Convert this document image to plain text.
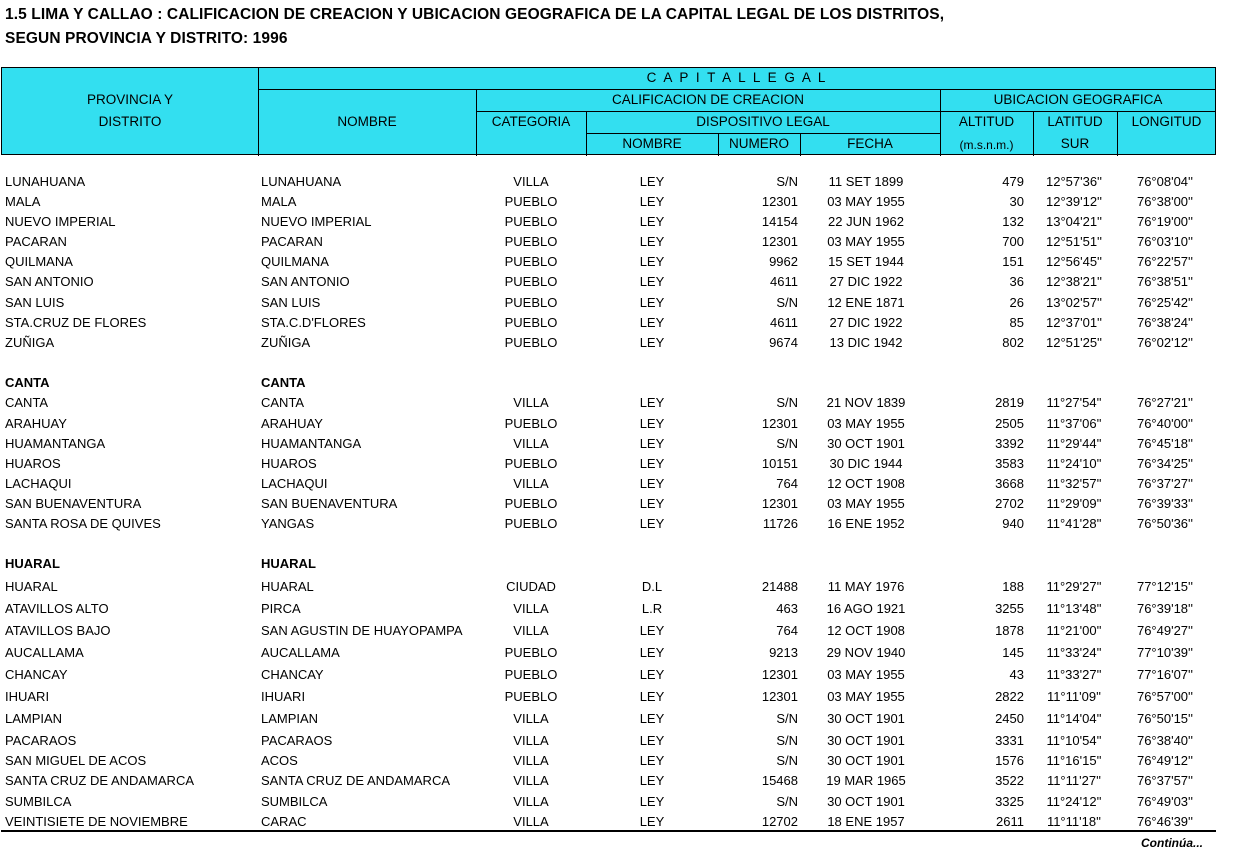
1.5 LIMA Y CALLAO : CALIFICACION DE CREACION Y UBICACION GEOGRAFICA DE LA CAPITAL LEGAL DE LOS DISTRITOS,
SEGUN PROVINCIA Y DISTRITO: 1996
PROVINCIA Y
DISTRITO
C A P I T A L L E G A L
NOMBRE
CALIFICACION DE CREACION	UBICACION GEOGRAFICA
CATEGORIA	DISPOSITIVO LEGAL	ALTITUD	LATITUD	LONGITUD
NOMBRE	NUMERO	FECHA	(m.s.n.m.)	SUR
LUNAHUANA	LUNAHUANA	VILLA	LEY	S/N	11 SET 1899	479	12°57'36''	76°08'04''
MALA	MALA	PUEBLO	LEY	12301	03 MAY 1955	30	12°39'12''	76°38'00''
NUEVO IMPERIAL	NUEVO IMPERIAL	PUEBLO	LEY	14154	22 JUN 1962	132	13°04'21''	76°19'00''
PACARAN	PACARAN	PUEBLO	LEY	12301	03 MAY 1955	700	12°51'51''	76°03'10''
QUILMANA	QUILMANA	PUEBLO	LEY	9962	15 SET 1944	151	12°56'45''	76°22'57''
SAN ANTONIO	SAN ANTONIO	PUEBLO	LEY	4611	27 DIC 1922	36	12°38'21''	76°38'51''
SAN LUIS	SAN LUIS	PUEBLO	LEY	S/N	12 ENE 1871	26	13°02'57''	76°25'42''
STA.CRUZ DE FLORES	STA.C.D'FLORES	PUEBLO	LEY	4611	27 DIC 1922	85	12°37'01''	76°38'24''
ZUÑIGA	ZUÑIGA	PUEBLO	LEY	9674	13 DIC 1942	802	12°51'25''	76°02'12''
CANTA	CANTA
CANTA	CANTA	VILLA	LEY	S/N	21 NOV 1839	2819	11°27'54''	76°27'21''
ARAHUAY	ARAHUAY	PUEBLO	LEY	12301	03 MAY 1955	2505	11°37'06''	76°40'00''
HUAMANTANGA	HUAMANTANGA	VILLA	LEY	S/N	30 OCT 1901	3392	11°29'44''	76°45'18''
HUAROS	HUAROS	PUEBLO	LEY	10151	30 DIC 1944	3583	11°24'10''	76°34'25''
LACHAQUI	LACHAQUI	VILLA	LEY	764	12 OCT 1908	3668	11°32'57''	76°37'27''
SAN BUENAVENTURA	SAN BUENAVENTURA	PUEBLO	LEY	12301	03 MAY 1955	2702	11°29'09''	76°39'33''
SANTA ROSA DE QUIVES	YANGAS	PUEBLO	LEY	11726	16 ENE 1952	940	11°41'28''	76°50'36''
HUARAL	HUARAL
HUARAL	HUARAL	CIUDAD	D.L	21488	11 MAY 1976	188	11°29'27''	77°12'15''
ATAVILLOS ALTO	PIRCA	VILLA	L.R	463	16 AGO 1921	3255	11°13'48''	76°39'18''
ATAVILLOS BAJO	SAN AGUSTIN DE HUAYOPAMPA	VILLA	LEY	764	12 OCT 1908	1878	11°21'00''	76°49'27''
AUCALLAMA	AUCALLAMA	PUEBLO	LEY	9213	29 NOV 1940	145	11°33'24''	77°10'39''
CHANCAY	CHANCAY	PUEBLO	LEY	12301	03 MAY 1955	43	11°33'27''	77°16'07''
IHUARI	IHUARI	PUEBLO	LEY	12301	03 MAY 1955	2822	11°11'09''	76°57'00''
LAMPIAN	LAMPIAN	VILLA	LEY	S/N	30 OCT 1901	2450	11°14'04''	76°50'15''
PACARAOS	PACARAOS	VILLA	LEY	S/N	30 OCT 1901	3331	11°10'54''	76°38'40''
SAN MIGUEL DE ACOS	ACOS	VILLA	LEY	S/N	30 OCT 1901	1576	11°16'15''	76°49'12''
SANTA CRUZ DE ANDAMARCA	SANTA CRUZ DE ANDAMARCA	VILLA	LEY	15468	19 MAR 1965	3522	11°11'27''	76°37'57''
SUMBILCA	SUMBILCA	VILLA	LEY	S/N	30 OCT 1901	3325	11°24'12''	76°49'03''
VEINTISIETE DE NOVIEMBRE	CARAC	VILLA	LEY	12702	18 ENE 1957	2611	11°11'18''	76°46'39''
Continúa...
